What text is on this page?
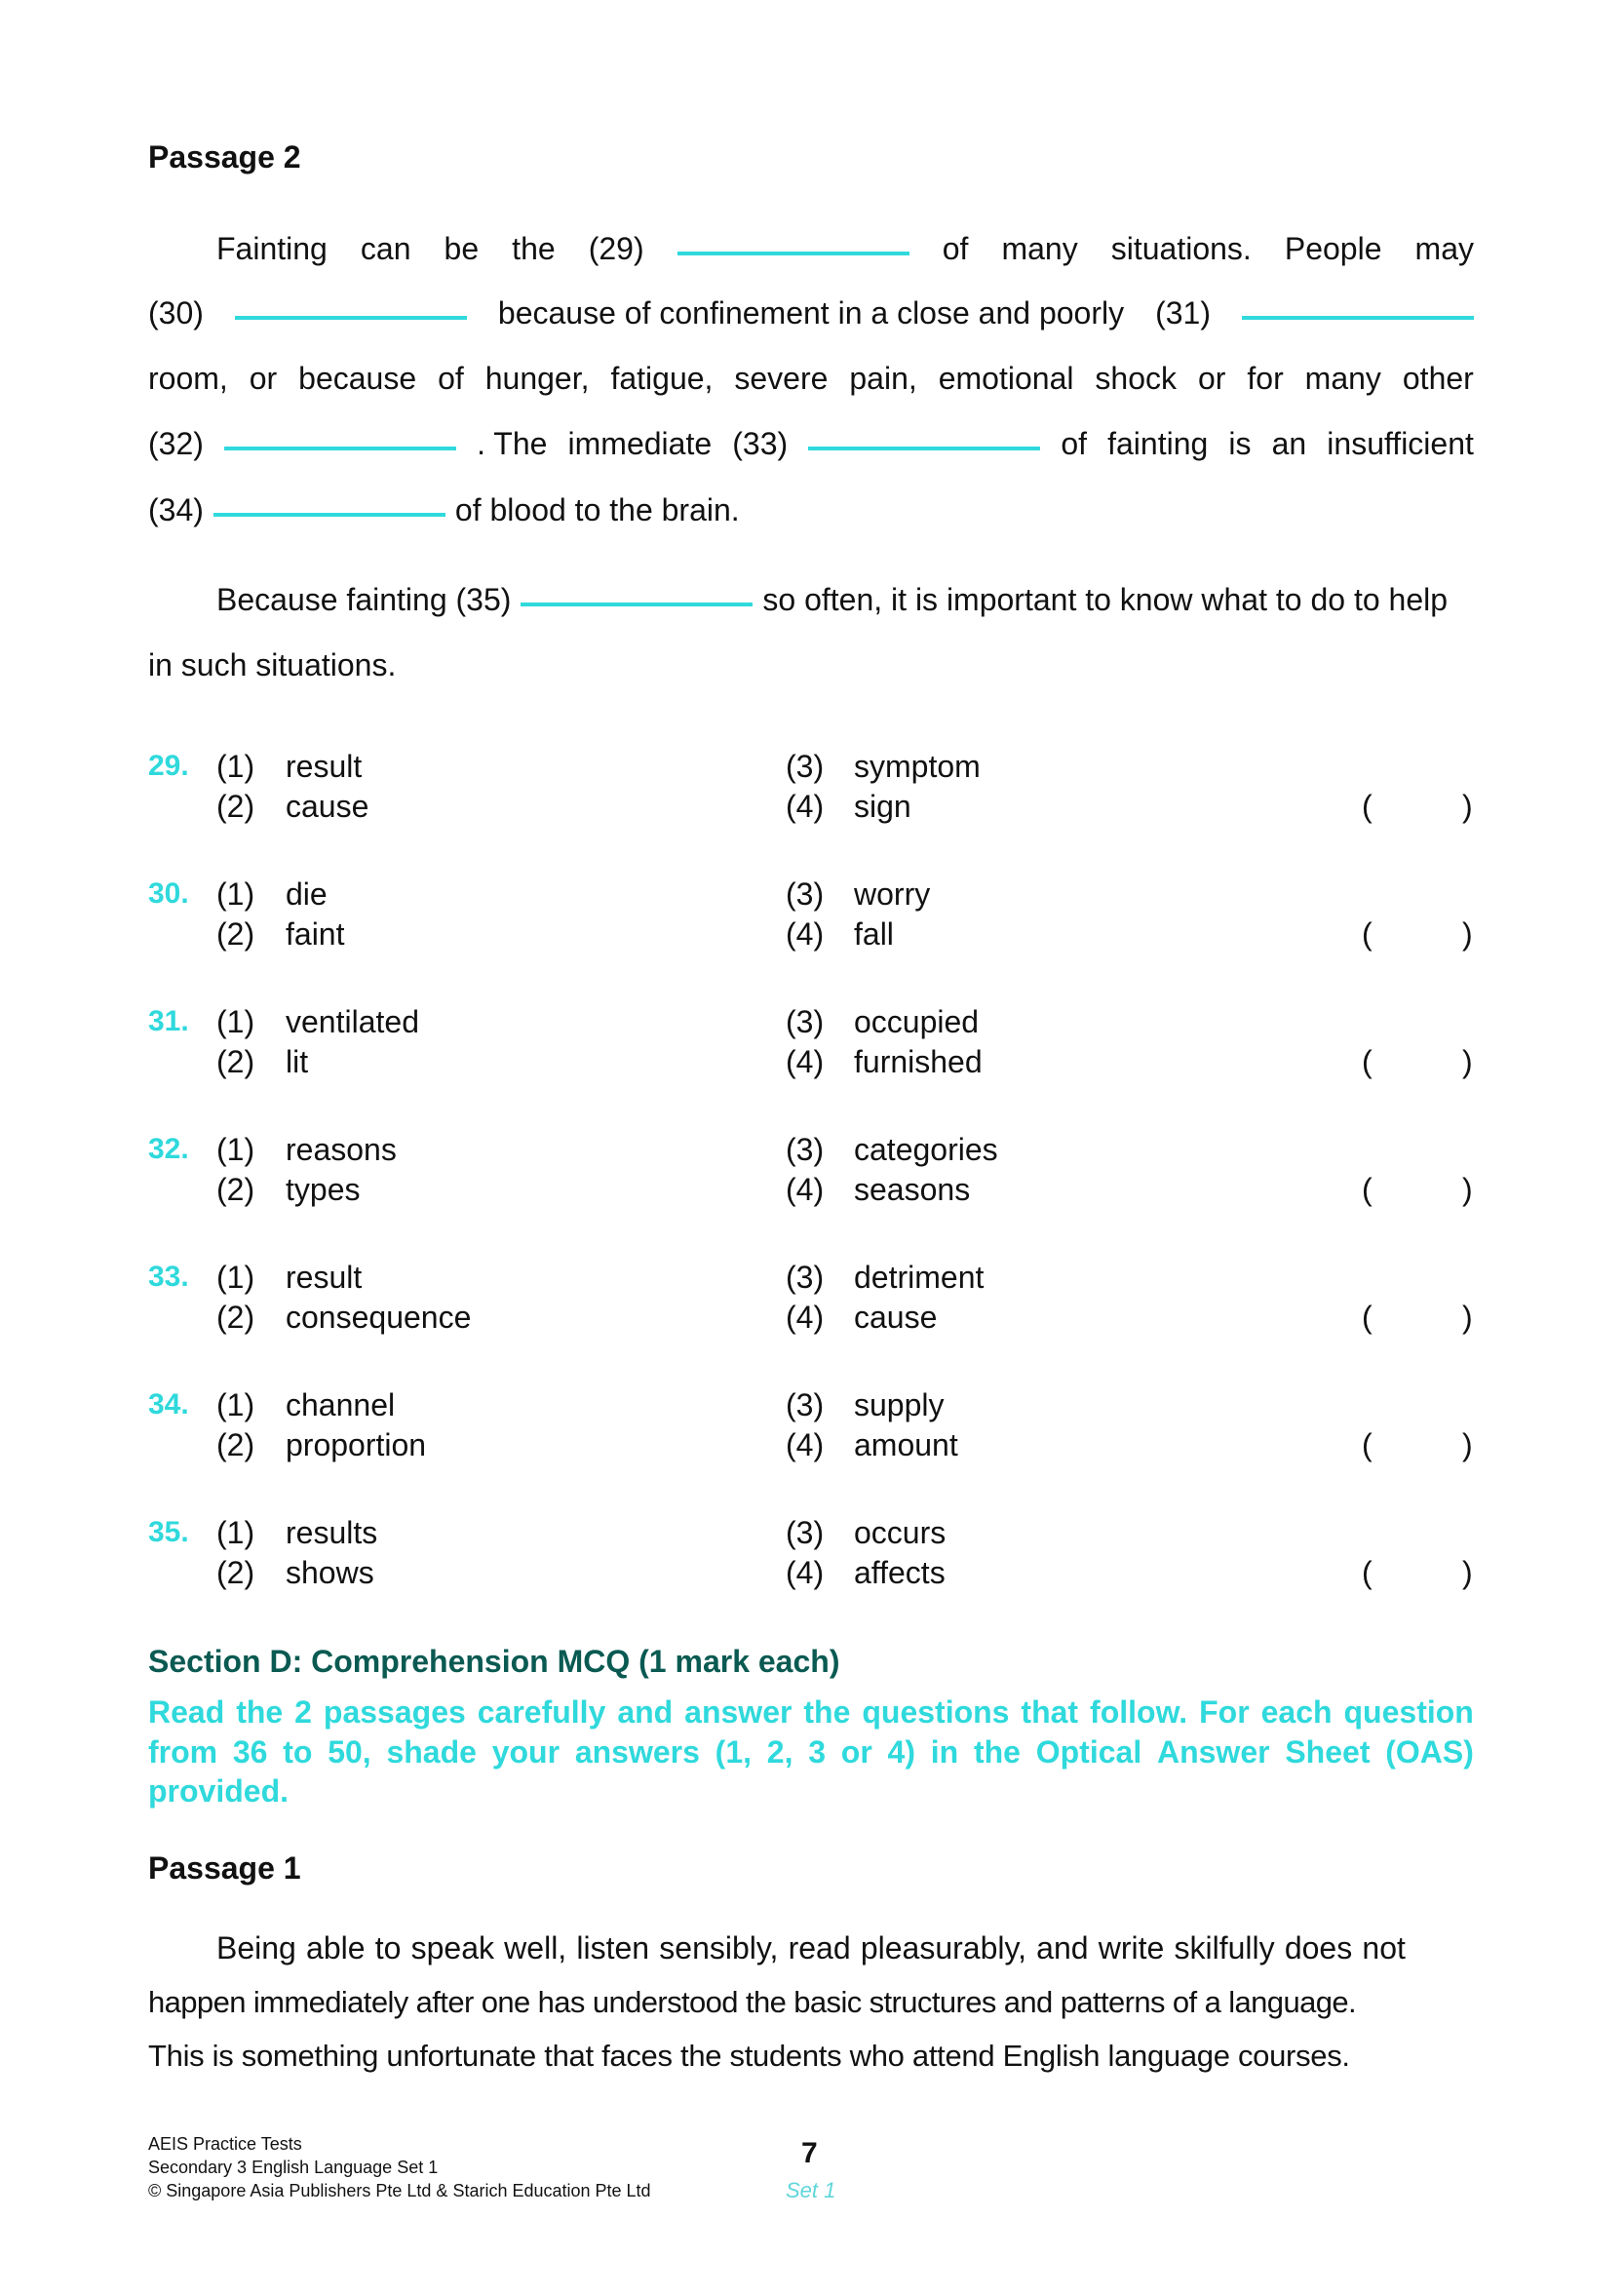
Passage 2
Fainting can be the (29)	of many situations. People may
(30)	because of confinement in a close and poorly (31)
room, or because of hunger, fatigue, severe pain, emotional shock or for many other
(32)	. The immediate (33)	of fainting is an insufficient
(34)	of blood to the brain.
Because fainting (35)	so often, it is important to know what to do to help
in such situations.
29. (1) result
(2) cause
(3) symptom
(4) sign	(	)
30. (1) die
(2) faint
(3) worry
(4) fall	(	)
31. (1) ventilated
(2) lit
(3) occupied
(4) furnished	(	)
32. (1) reasons
(2) types
(3) categories
(4) seasons	(	)
33. (1) result
(2) consequence
(3) detriment
(4) cause	(	)
34. (1) channel
(2) proportion
(3) supply
(4) amount	(	)
35. (1) results
(2) shows
(3) occurs
(4) affects	(	)
Section D: Comprehension MCQ (1 mark each)
Read the 2 passages carefully and answer the questions that follow. For each question
from 36 to 50, shade your answers (1, 2, 3 or 4) in the Optical Answer Sheet (OAS)
provided.
Passage 1
Being able to speak well, listen sensibly, read pleasurably, and write skilfully does not
happen immediately after one has understood the basic structures and patterns of a language.
This is something unfortunate that faces the students who attend English language courses.
AEIS Practice Tests
Secondary 3 English Language Set 1
© Singapore Asia Publishers Pte Ltd & Starich Education Pte Ltd
7
Set 1
